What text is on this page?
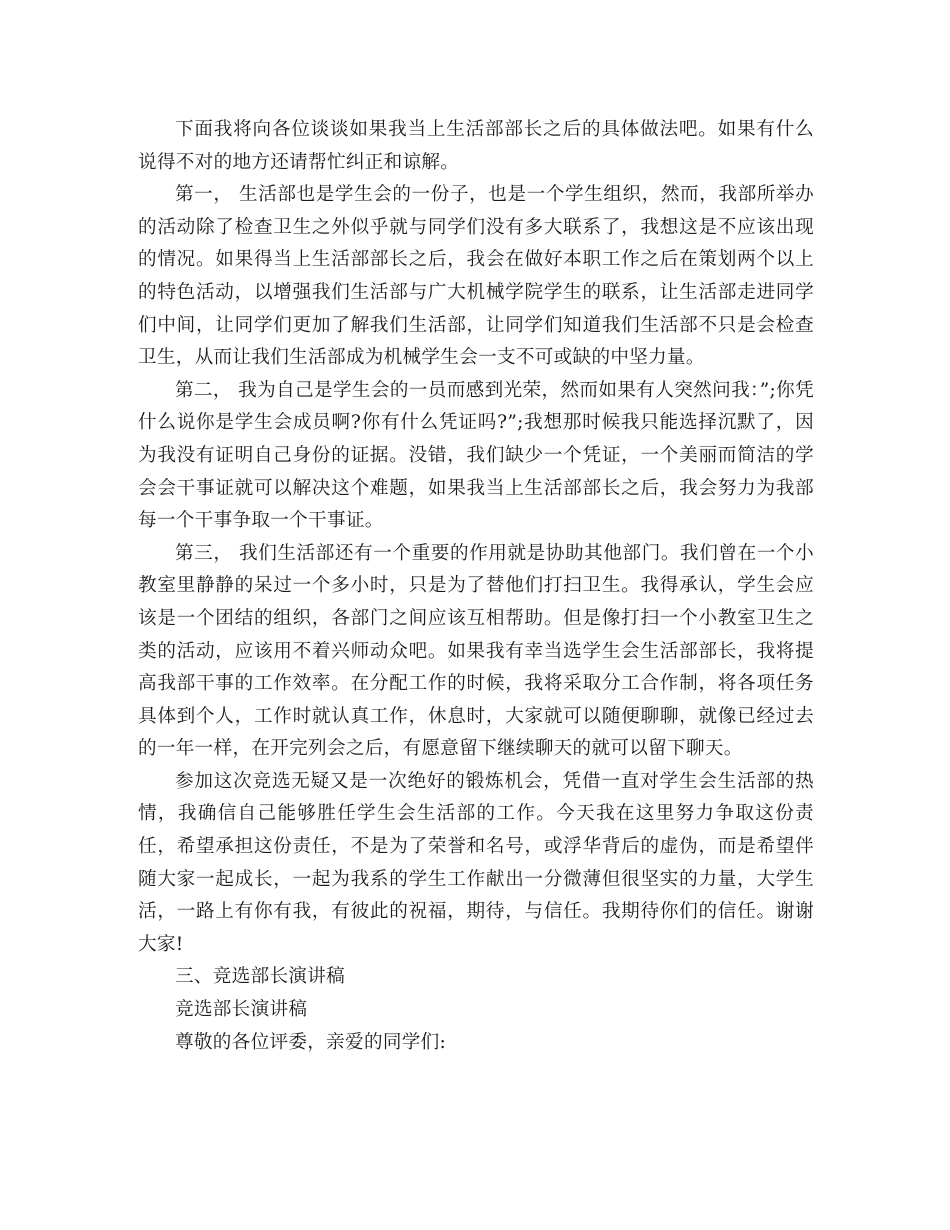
下面我将向各位谈谈如果我当上生活部部长之后的具体做法吧。如果有什么说得不对的地方还请帮忙纠正和谅解。

第一， 生活部也是学生会的一份子，也是一个学生组织，然而，我部所举办的活动除了检查卫生之外似乎就与同学们没有多大联系了，我想这是不应该出现的情况。如果得当上生活部部长之后，我会在做好本职工作之后在策划两个以上的特色活动，以增强我们生活部与广大机械学院学生的联系，让生活部走进同学们中间，让同学们更加了解我们生活部，让同学们知道我们生活部不只是会检查卫生，从而让我们生活部成为机械学生会一支不可或缺的中坚力量。

第二， 我为自己是学生会的一员而感到光荣，然而如果有人突然问我：”;你凭什么说你是学生会成员啊?你有什么凭证吗?”;我想那时候我只能选择沉默了，因为我没有证明自己身份的证据。没错，我们缺少一个凭证，一个美丽而简洁的学会会干事证就可以解决这个难题，如果我当上生活部部长之后，我会努力为我部每一个干事争取一个干事证。

第三， 我们生活部还有一个重要的作用就是协助其他部门。我们曾在一个小教室里静静的呆过一个多小时，只是为了替他们打扫卫生。我得承认，学生会应该是一个团结的组织，各部门之间应该互相帮助。但是像打扫一个小教室卫生之类的活动，应该用不着兴师动众吧。如果我有幸当选学生会生活部部长，我将提高我部干事的工作效率。在分配工作的时候，我将采取分工合作制，将各项任务具体到个人，工作时就认真工作，休息时，大家就可以随便聊聊，就像已经过去的一年一样，在开完列会之后，有愿意留下继续聊天的就可以留下聊天。

参加这次竞选无疑又是一次绝好的锻炼机会，凭借一直对学生会生活部的热情，我确信自己能够胜任学生会生活部的工作。今天我在这里努力争取这份责任，希望承担这份责任，不是为了荣誉和名号，或浮华背后的虚伪，而是希望伴随大家一起成长，一起为我系的学生工作献出一分微薄但很坚实的力量，大学生活，一路上有你有我，有彼此的祝福，期待，与信任。我期待你们的信任。谢谢大家!

三、竞选部长演讲稿

竞选部长演讲稿

尊敬的各位评委，亲爱的同学们:
